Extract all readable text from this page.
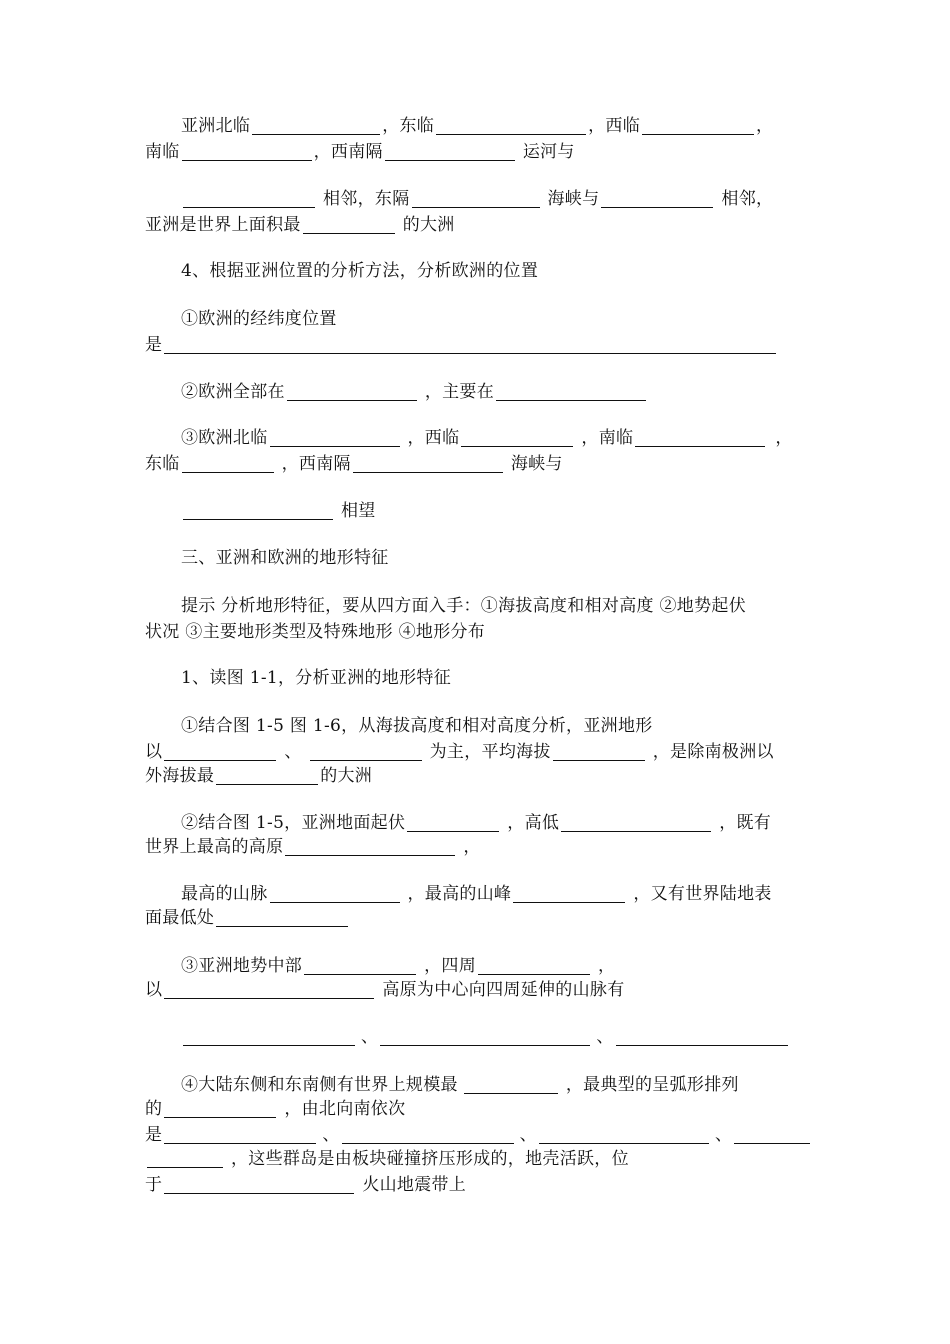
亚洲北临	，东临	，西临	，
南临	，西南隔	运河与
相邻，东隔	海峡与	相邻，
亚洲是世界上面积最	的大洲
4、根据亚洲位置的分析方法，分析欧洲的位置
①欧洲的经纬度位置
是
②欧洲全部在	，主要在
③欧洲北临	，西临	，南临	，
东临	，西南隔	海峡与
相望
三、亚洲和欧洲的地形特征
提示 分析地形特征，要从四方面入手：①海拔高度和相对高度 ②地势起伏
状况 ③主要地形类型及特殊地形 ④地形分布
1、读图 1-1，分析亚洲的地形特征
①结合图 1-5 图 1-6，从海拔高度和相对高度分析，亚洲地形
以	、	为主，平均海拔	，是除南极洲以
外海拔最	的大洲
②结合图 1-5，亚洲地面起伏	，高低	，既有
世界上最高的高原	，
最高的山脉	，最高的山峰	，又有世界陆地表
面最低处
③亚洲地势中部	，四周	，
以	高原为中心向四周延伸的山脉有
、	、
④大陆东侧和东南侧有世界上规模最	，最典型的呈弧形排列
的	，由北向南依次
是	、	、	、
，这些群岛是由板块碰撞挤压形成的，地壳活跃，位
于	火山地震带上
